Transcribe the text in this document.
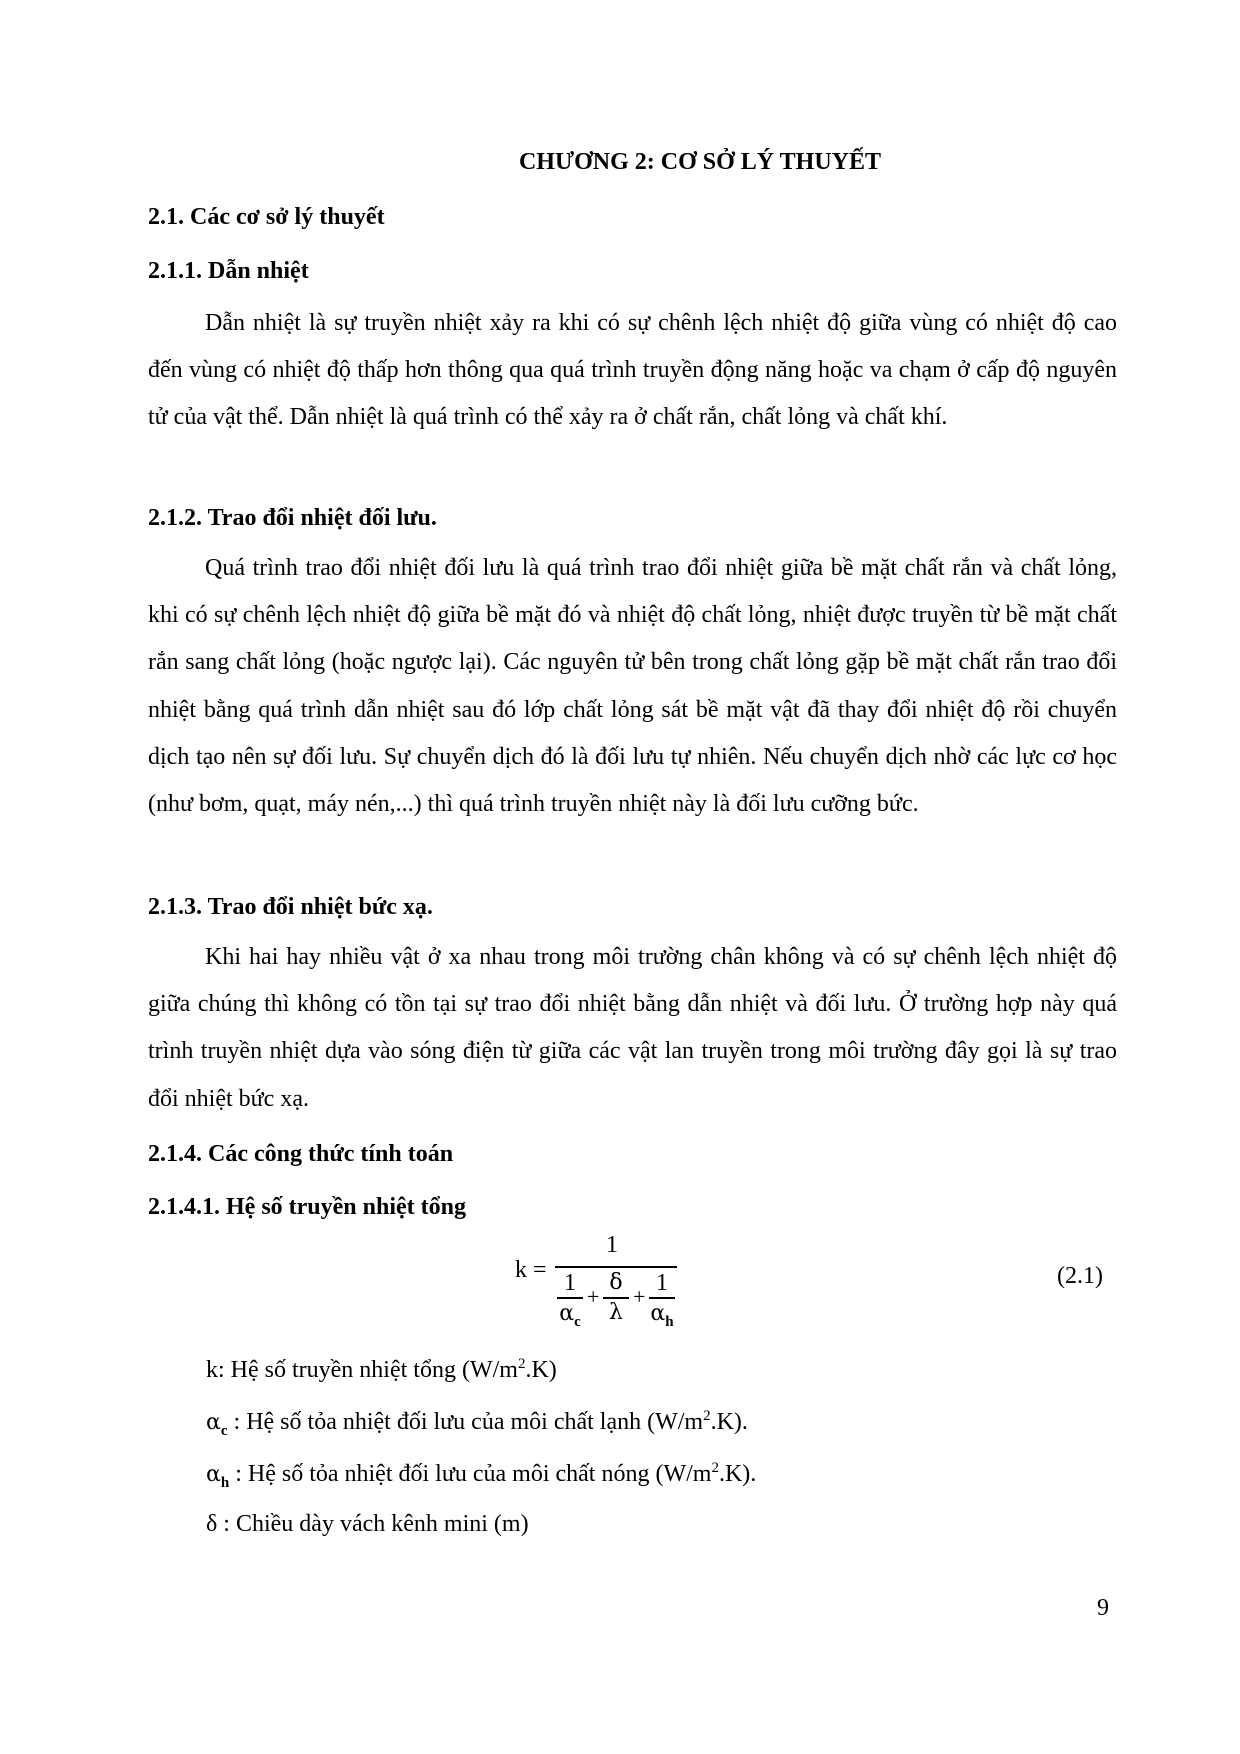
CHƯƠNG 2: CƠ SỞ LÝ THUYẾT
2.1. Các cơ sở lý thuyết
2.1.1. Dẫn nhiệt
Dẫn nhiệt là sự truyền nhiệt xảy ra khi có sự chênh lệch nhiệt độ giữa vùng có nhiệt độ cao đến vùng có nhiệt độ thấp hơn thông qua quá trình truyền động năng hoặc va chạm ở cấp độ nguyên tử của vật thể. Dẫn nhiệt là quá trình có thể xảy ra ở chất rắn, chất lỏng và chất khí.
2.1.2. Trao đổi nhiệt đối lưu.
Quá trình trao đổi nhiệt đối lưu là quá trình trao đổi nhiệt giữa bề mặt chất rắn và chất lỏng, khi có sự chênh lệch nhiệt độ giữa bề mặt đó và nhiệt độ chất lỏng, nhiệt được truyền từ bề mặt chất rắn sang chất lỏng (hoặc ngược lại). Các nguyên tử bên trong chất lỏng gặp bề mặt chất rắn trao đổi nhiệt bằng quá trình dẫn nhiệt sau đó lớp chất lỏng sát bề mặt vật đã thay đổi nhiệt độ rồi chuyển dịch tạo nên sự đối lưu. Sự chuyển dịch đó là đối lưu tự nhiên. Nếu chuyển dịch nhờ các lực cơ học (như bơm, quạt, máy nén,...) thì quá trình truyền nhiệt này là đối lưu cưỡng bức.
2.1.3. Trao đổi nhiệt bức xạ.
Khi hai hay nhiều vật ở xa nhau trong môi trường chân không và có sự chênh lệch nhiệt độ giữa chúng thì không có tồn tại sự trao đổi nhiệt bằng dẫn nhiệt và đối lưu. Ở trường hợp này quá trình truyền nhiệt dựa vào sóng điện từ giữa các vật lan truyền trong môi trường đây gọi là sự trao đổi nhiệt bức xạ.
2.1.4. Các công thức tính toán
2.1.4.1. Hệ số truyền nhiệt tổng
k =
1
1
$\alpha_c$
+
δ
λ
+
1
$\alpha_h$
(2.1)
k: Hệ số truyền nhiệt tổng $(W/m^2.K)$
$\alpha_c$ : Hệ số tỏa nhiệt đối lưu của môi chất lạnh $(W/m^2.K)$.
$\alpha_h$ : Hệ số tỏa nhiệt đối lưu của môi chất nóng $(W/m^2.K)$.
δ : Chiều dày vách kênh mini (m)
9
